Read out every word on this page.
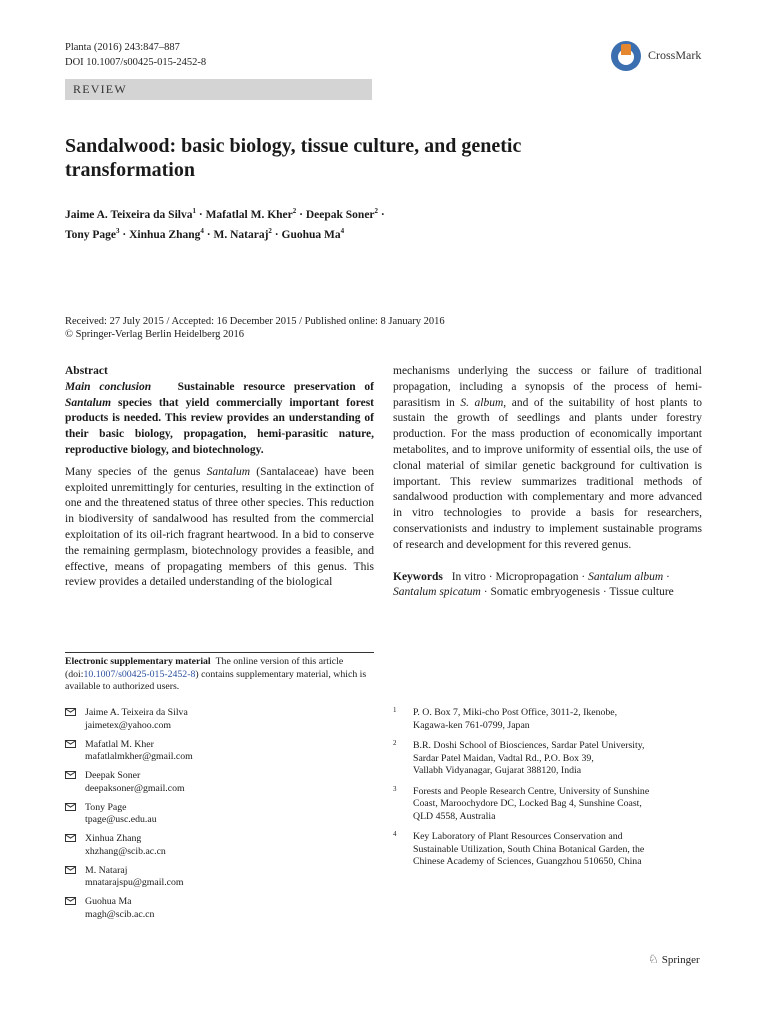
Planta (2016) 243:847–887
DOI 10.1007/s00425-015-2452-8
CrossMark
REVIEW
Sandalwood: basic biology, tissue culture, and genetic transformation
Jaime A. Teixeira da Silva$^1$ · Mafatlal M. Kher$^2$ · Deepak Soner$^2$ ·
Tony Page$^3$ · Xinhua Zhang$^4$ · M. Nataraj$^2$ · Guohua Ma$^4$
Received: 27 July 2015 / Accepted: 16 December 2015 / Published online: 8 January 2016
© Springer-Verlag Berlin Heidelberg 2016
Abstract
Main conclusion Sustainable resource preservation of Santalum species that yield commercially important forest products is needed. This review provides an understanding of their basic biology, propagation, hemi-parasitic nature, reproductive biology, and biotechnology.
Many species of the genus Santalum (Santalaceae) have been exploited unremittingly for centuries, resulting in the extinction of one and the threatened status of three other species. This reduction in biodiversity of sandalwood has resulted from the commercial exploitation of its oil-rich fragrant heartwood. In a bid to conserve the remaining germplasm, biotechnology provides a feasible, and effective, means of propagating members of this genus. This review provides a detailed understanding of the biological
mechanisms underlying the success or failure of traditional propagation, including a synopsis of the process of hemi-parasitism in S. album, and of the suitability of host plants to sustain the growth of seedlings and plants under forestry production. For the mass production of economically important metabolites, and to improve uniformity of essential oils, the use of clonal material of similar genetic background for cultivation is important. This review summarizes traditional methods of sandalwood production with complementary and more advanced in vitro technologies to provide a basis for researchers, conservationists and industry to implement sustainable programs of research and development for this revered genus.
Keywords In vitro · Micropropagation · Santalum album · Santalum spicatum · Somatic embryogenesis · Tissue culture
Electronic supplementary material The online version of this article (doi:10.1007/s00425-015-2452-8) contains supplementary material, which is available to authorized users.
Jaime A. Teixeira da Silva
jaimetex@yahoo.com
Mafatlal M. Kher
mafatlalmkher@gmail.com
Deepak Soner
deepaksoner@gmail.com
Tony Page
tpage@usc.edu.au
Xinhua Zhang
xhzhang@scib.ac.cn
M. Nataraj
mnatarajspu@gmail.com
Guohua Ma
magh@scib.ac.cn
1 P. O. Box 7, Miki-cho Post Office, 3011-2, Ikenobe,
Kagawa-ken 761-0799, Japan
2 B.R. Doshi School of Biosciences, Sardar Patel University,
Sardar Patel Maidan, Vadtal Rd., P.O. Box 39,
Vallabh Vidyanagar, Gujarat 388120, India
3 Forests and People Research Centre, University of Sunshine
Coast, Maroochydore DC, Locked Bag 4, Sunshine Coast,
QLD 4558, Australia
4 Key Laboratory of Plant Resources Conservation and
Sustainable Utilization, South China Botanical Garden, the
Chinese Academy of Sciences, Guangzhou 510650, China
♘ Springer
